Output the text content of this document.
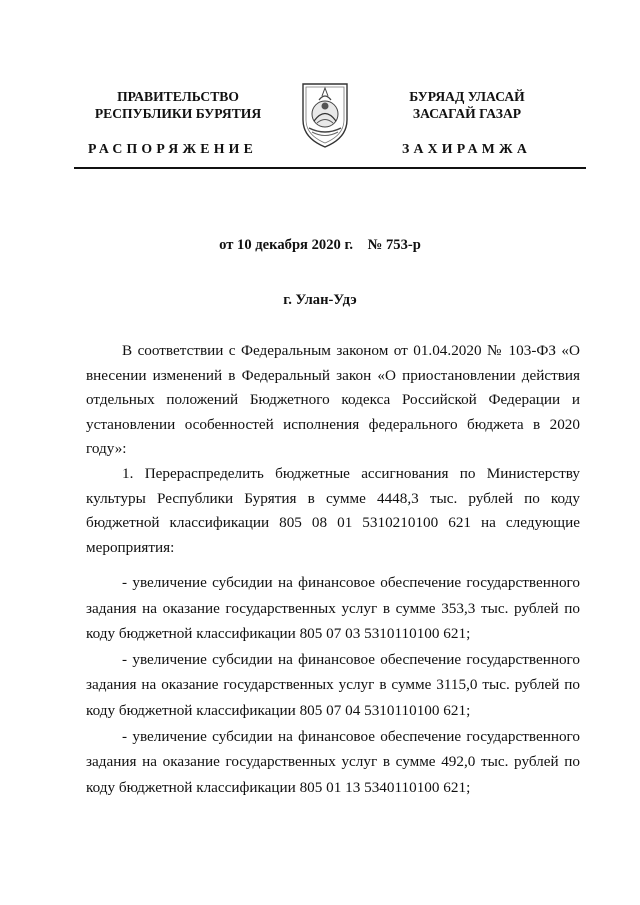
ПРАВИТЕЛЬСТВО
РЕСПУБЛИКИ БУРЯТИЯ
БУРЯАД УЛАСАЙ
ЗАСАГАЙ ГАЗАР
РАСПОРЯЖЕНИЕ	ЗАХИРАМЖА
от 10 декабря 2020 г.    № 753-р
г. Улан-Удэ

В соответствии с Федеральным законом от 01.04.2020 № 103-ФЗ «О внесении изменений в Федеральный закон «О приостановлении действия отдельных положений Бюджетного кодекса Российской Федерации и установлении особенностей исполнения федерального бюджета в 2020 году»:

1. Перераспределить бюджетные ассигнования по Министерству культуры Республики Бурятия в сумме 4448,3 тыс. рублей по коду бюджетной классификации 805 08 01 5310210100 621 на следующие мероприятия:

- увеличение субсидии на финансовое обеспечение государственного задания на оказание государственных услуг в сумме 353,3 тыс. рублей по коду бюджетной классификации 805 07 03 5310110100 621;
- увеличение субсидии на финансовое обеспечение государственного задания на оказание государственных услуг в сумме 3115,0 тыс. рублей по коду бюджетной классификации 805 07 04 5310110100 621;
- увеличение субсидии на финансовое обеспечение государственного задания на оказание государственных услуг в сумме 492,0 тыс. рублей по коду бюджетной классификации 805 01 13 5340110100 621;
